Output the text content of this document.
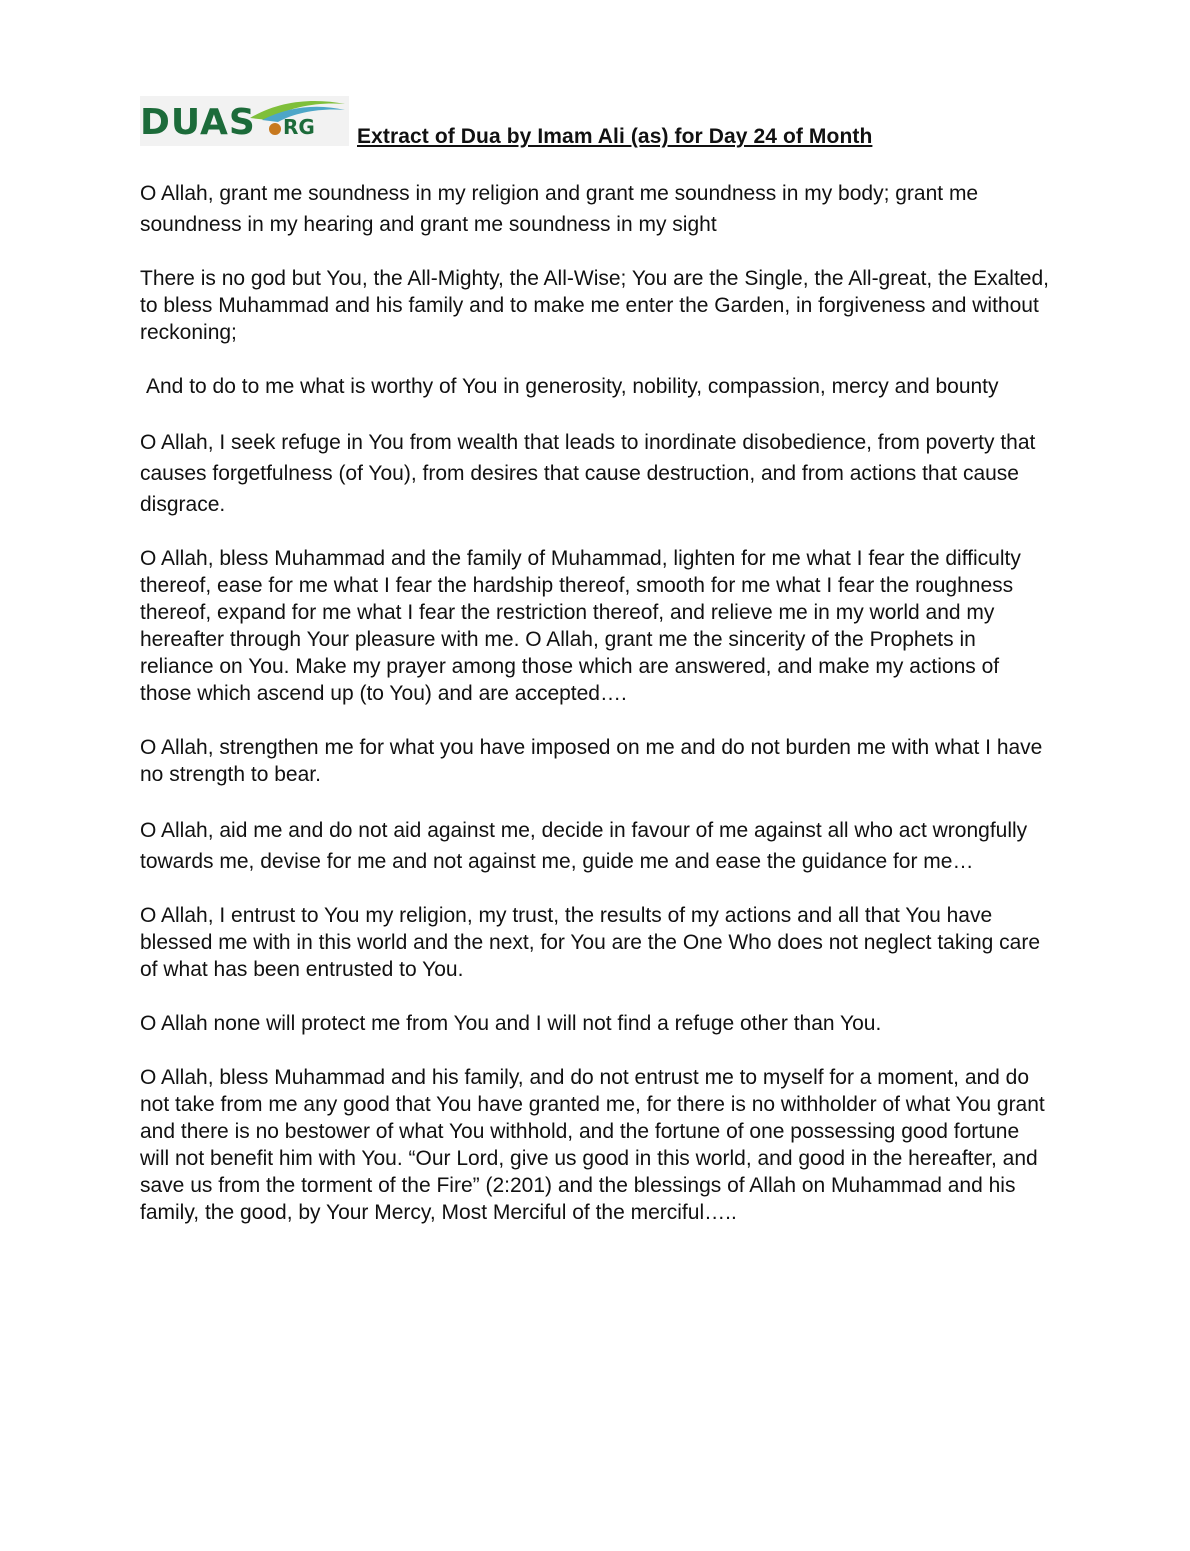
DUAS RG Extract of Dua by Imam Ali (as) for Day 24 of Month

O Allah, grant me soundness in my religion and grant me soundness in my body; grant me soundness in my hearing and grant me soundness in my sight

There is no god but You, the All-Mighty, the All-Wise; You are the Single, the All-great, the Exalted, to bless Muhammad and his family and to make me enter the Garden, in forgiveness and without reckoning;

And to do to me what is worthy of You in generosity, nobility, compassion, mercy and bounty

O Allah, I seek refuge in You from wealth that leads to inordinate disobedience, from poverty that causes forgetfulness (of You), from desires that cause destruction, and from actions that cause disgrace.

O Allah, bless Muhammad and the family of Muhammad, lighten for me what I fear the difficulty thereof, ease for me what I fear the hardship thereof, smooth for me what I fear the roughness thereof, expand for me what I fear the restriction thereof, and relieve me in my world and my hereafter through Your pleasure with me. O Allah, grant me the sincerity of the Prophets in reliance on You. Make my prayer among those which are answered, and make my actions of those which ascend up (to You) and are accepted….

O Allah, strengthen me for what you have imposed on me and do not burden me with what I have no strength to bear.

O Allah, aid me and do not aid against me, decide in favour of me against all who act wrongfully towards me, devise for me and not against me, guide me and ease the guidance for me…

O Allah, I entrust to You my religion, my trust, the results of my actions and all that You have blessed me with in this world and the next, for You are the One Who does not neglect taking care of what has been entrusted to You.

O Allah none will protect me from You and I will not find a refuge other than You.

O Allah, bless Muhammad and his family, and do not entrust me to myself for a moment, and do not take from me any good that You have granted me, for there is no withholder of what You grant and there is no bestower of what You withhold, and the fortune of one possessing good fortune will not benefit him with You. “Our Lord, give us good in this world, and good in the hereafter, and save us from the torment of the Fire” (2:201) and the blessings of Allah on Muhammad and his family, the good, by Your Mercy, Most Merciful of the merciful…..
